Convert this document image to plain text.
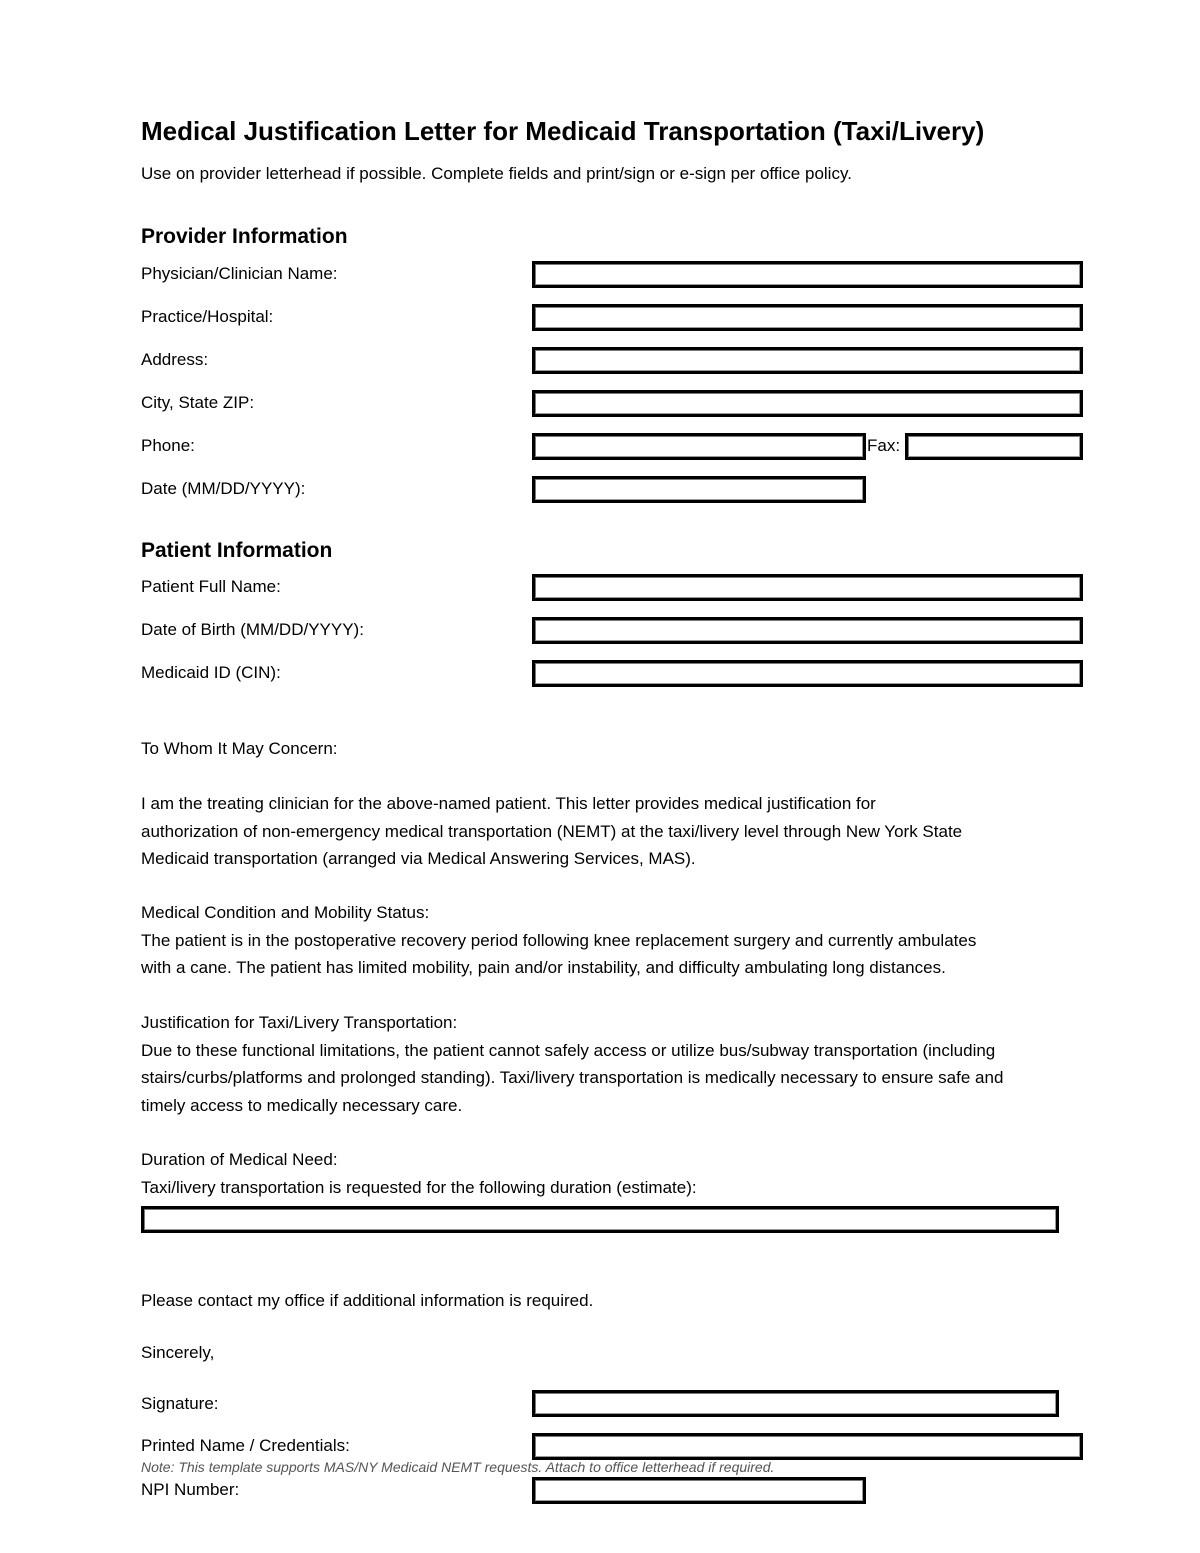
Medical Justification Letter for Medicaid Transportation (Taxi/Livery)
Use on provider letterhead if possible. Complete fields and print/sign or e-sign per office policy.
Provider Information
Physician/Clinician Name:
Practice/Hospital:
Address:
City, State ZIP:
Phone:	Fax:
Date (MM/DD/YYYY):
Patient Information
Patient Full Name:
Date of Birth (MM/DD/YYYY):
Medicaid ID (CIN):
To Whom It May Concern:
I am the treating clinician for the above-named patient. This letter provides medical justification for
authorization of non-emergency medical transportation (NEMT) at the taxi/livery level through New York State
Medicaid transportation (arranged via Medical Answering Services, MAS).
Medical Condition and Mobility Status:
The patient is in the postoperative recovery period following knee replacement surgery and currently ambulates
with a cane. The patient has limited mobility, pain and/or instability, and difficulty ambulating long distances.
Justification for Taxi/Livery Transportation:
Due to these functional limitations, the patient cannot safely access or utilize bus/subway transportation (including
stairs/curbs/platforms and prolonged standing). Taxi/livery transportation is medically necessary to ensure safe and
timely access to medically necessary care.
Duration of Medical Need:
Taxi/livery transportation is requested for the following duration (estimate):
Please contact my office if additional information is required.
Sincerely,
Signature:
Printed Name / Credentials:
Note: This template supports MAS/NY Medicaid NEMT requests. Attach to office letterhead if required.
NPI Number:
